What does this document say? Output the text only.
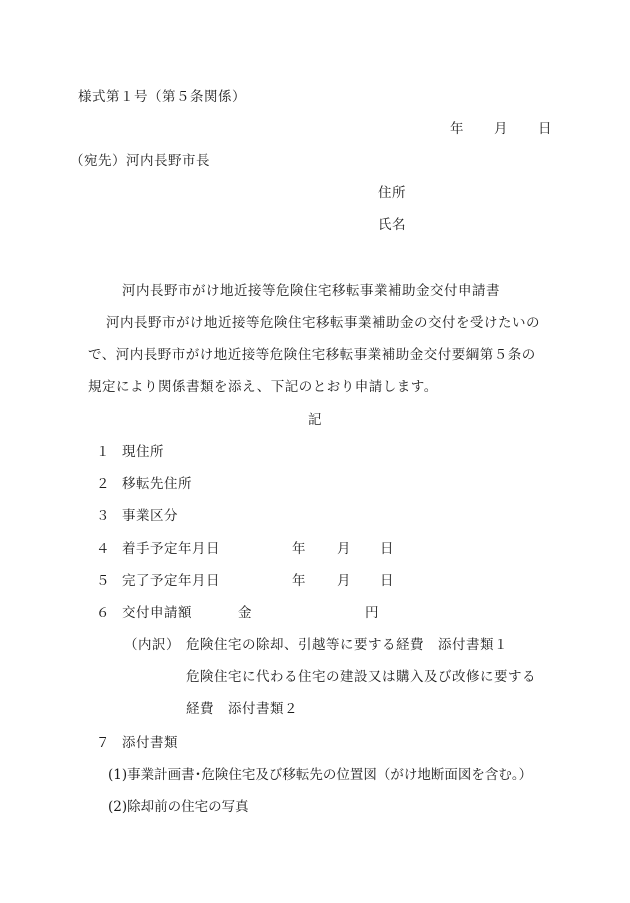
様式第１号（第５条関係）
年 月 日
（宛先）河内長野市長
住所
氏名
河内長野市がけ地近接等危険住宅移転事業補助金交付申請書
河内長野市がけ地近接等危険住宅移転事業補助金の交付を受けたいの
で、河内長野市がけ地近接等危険住宅移転事業補助金交付要綱第５条の
規定により関係書類を添え、下記のとおり申請します。
記
１ 現住所
２ 移転先住所
３ 事業区分
４ 着手予定年月日	年 月 日
５ 完了予定年月日	年 月 日
６ 交付申請額	金	円
（内訳） 危険住宅の除却、引越等に要する経費　添付書類１
危険住宅に代わる住宅の建設又は購入及び改修に要する
経費　添付書類２
７ 添付書類
(1)事業計画書･危険住宅及び移転先の位置図（がけ地断面図を含む。）
(2)除却前の住宅の写真
